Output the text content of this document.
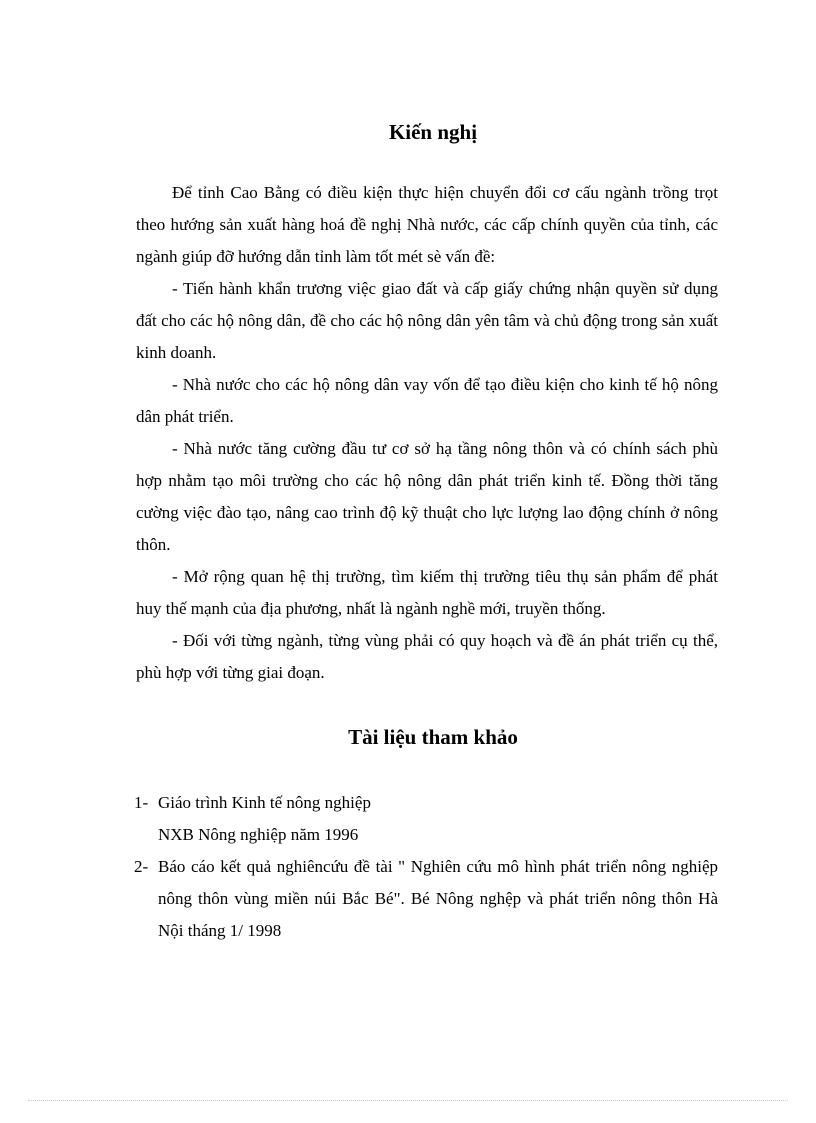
Kiến nghị

Để tỉnh Cao Bằng có điều kiện thực hiện chuyển đổi cơ cấu ngành trồng trọt theo hướng sản xuất hàng hoá đề nghị Nhà nước, các cấp chính quyền của tỉnh, các ngành giúp đỡ hướng dẫn tỉnh làm tốt mét sè vấn đề:

- Tiến hành khẩn trương việc giao đất và cấp giấy chứng nhận quyền sử dụng đất cho các hộ nông dân, đề cho các hộ nông dân yên tâm và chủ động trong sản xuất kinh doanh.

- Nhà nước cho các hộ nông dân vay vốn để tạo điều kiện cho kinh tế hộ nông dân phát triển.

- Nhà nước tăng cường đầu tư cơ sở hạ tầng nông thôn và có chính sách phù hợp nhằm tạo môi trường cho các hộ nông dân phát triển kinh tế. Đồng thời tăng cường việc đào tạo, nâng cao trình độ kỹ thuật cho lực lượng lao động chính ở nông thôn.

- Mở rộng quan hệ thị trường, tìm kiếm thị trường tiêu thụ sản phẩm để phát huy thế mạnh của địa phương, nhất là ngành nghề mới, truyền thống.

- Đối với từng ngành, từng vùng phải có quy hoạch và đề án phát triển cụ thể, phù hợp với từng giai đoạn.

Tài liệu tham khảo
1- Giáo trình Kinh tế nông nghiệp
NXB Nông nghiệp năm 1996
2- Báo cáo kết quả nghiêncứu đề tài " Nghiên cứu mô hình phát triển nông nghiệp nông thôn vùng miền núi Bắc Bé". Bé Nông nghệp và phát triển nông thôn Hà Nội tháng 1/ 1998
